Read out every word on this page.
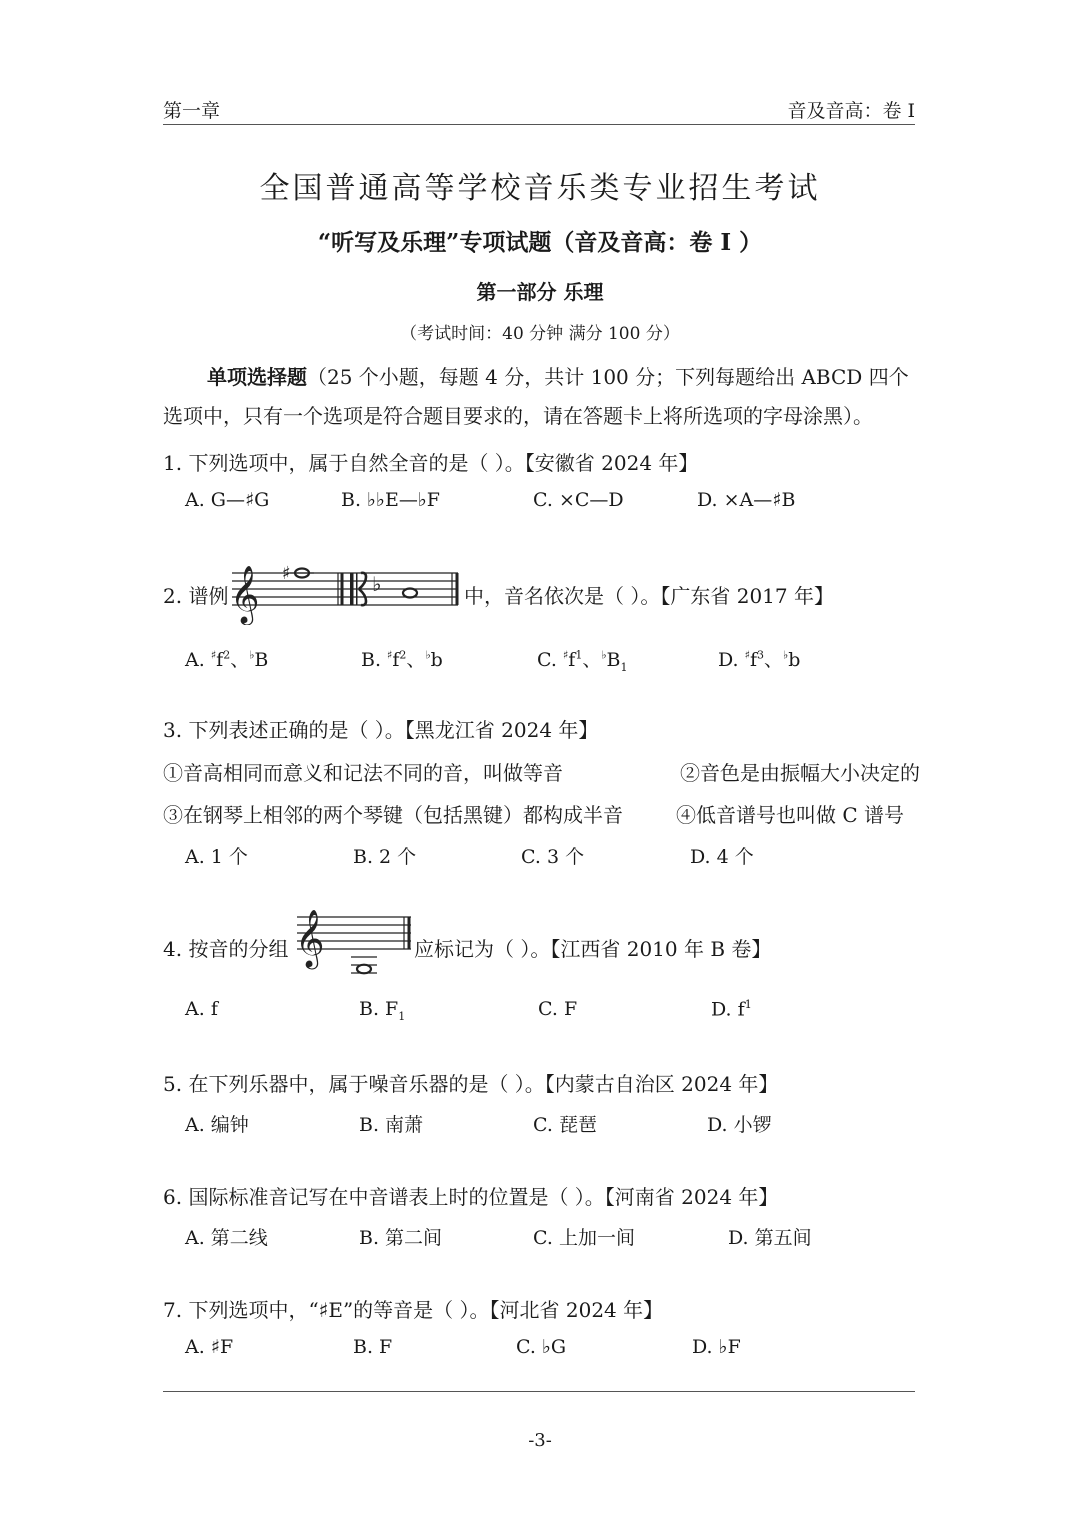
第一章	音及音高：卷 I
全国普通高等学校音乐类专业招生考试
“听写及乐理”专项试题（音及音高：卷 I ）
第一部分 乐理
（考试时间：40 分钟 满分 100 分）
单项选择题（25 个小题，每题 4 分，共计 100 分；下列每题给出 ABCD 四个
选项中，只有一个选项是符合题目要求的，请在答题卡上将所选项的字母涂黑）。
1. 下列选项中，属于自然全音的是（ ）。【安徽省 2024 年】
A. G—♯G	B. ♭♭E—♭F	C. ×C—D	D. ×A—♯B
2. 谱例 𝄞 ♯	♭	中，音名依次是（ ）。【广东省 2017 年】
A. $^♯f^2$、♭B	B. $^♯f^2$、♭b	C. $^♯f^1$、$^♭B_1$	D. $^♯f^3$、♭b
3. 下列表述正确的是（ ）。【黑龙江省 2024 年】
①音高相同而意义和记法不同的音，叫做等音	②音色是由振幅大小决定的
③在钢琴上相邻的两个琴键（包括黑键）都构成半音	④低音谱号也叫做 C 谱号
A. 1 个	B. 2 个	C. 3 个	D. 4 个
4. 按音的分组 𝄞	应标记为（ ）。【江西省 2010 年 B 卷】
A. f	B. $F_1$	C. F	D. $f^1$
5. 在下列乐器中，属于噪音乐器的是（ ）。【内蒙古自治区 2024 年】
A. 编钟	B. 南萧	C. 琵琶	D. 小锣
6. 国际标准音记写在中音谱表上时的位置是（ ）。【河南省 2024 年】
A. 第二线	B. 第二间	C. 上加一间	D. 第五间
7. 下列选项中，“♯E”的等音是（ ）。【河北省 2024 年】
A. ♯F	B. F	C. ♭G	D. ♭F
-3-
